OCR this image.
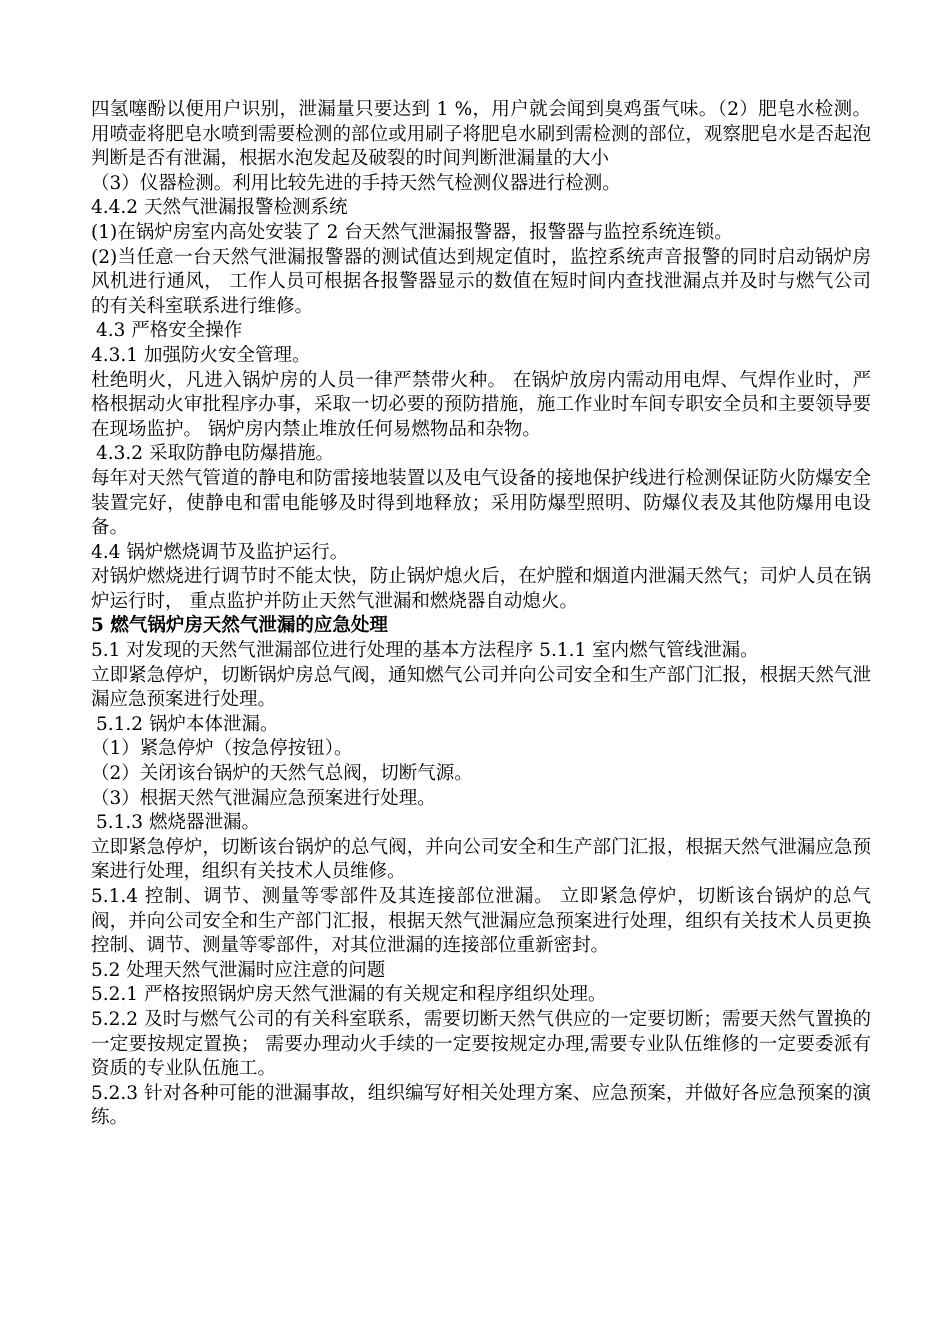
四氢噻酚以便用户识别，泄漏量只要达到 1 %，用户就会闻到臭鸡蛋气味。（2）肥皂水检测。用喷壶将肥皂水喷到需要检测的部位或用刷子将肥皂水刷到需检测的部位，观察肥皂水是否起泡判断是否有泄漏，根据水泡发起及破裂的时间判断泄漏量的大小

（3）仪器检测。利用比较先进的手持天然气检测仪器进行检测。

4.4.2 天然气泄漏报警检测系统

(1)在锅炉房室内高处安装了 2 台天然气泄漏报警器，报警器与监控系统连锁。

(2)当任意一台天然气泄漏报警器的测试值达到规定值时，监控系统声音报警的同时启动锅炉房风机进行通风， 工作人员可根据各报警器显示的数值在短时间内查找泄漏点并及时与燃气公司的有关科室联系进行维修。

4.3 严格安全操作

4.3.1 加强防火安全管理。

杜绝明火，凡进入锅炉房的人员一律严禁带火种。 在锅炉放房内需动用电焊、气焊作业时，严格根据动火审批程序办事，采取一切必要的预防措施，施工作业时车间专职安全员和主要领导要在现场监护。 锅炉房内禁止堆放任何易燃物品和杂物。

4.3.2 采取防静电防爆措施。

每年对天然气管道的静电和防雷接地装置以及电气设备的接地保护线进行检测保证防火防爆安全装置完好，使静电和雷电能够及时得到地释放；采用防爆型照明、防爆仪表及其他防爆用电设备。

4.4 锅炉燃烧调节及监护运行。

对锅炉燃烧进行调节时不能太快，防止锅炉熄火后，在炉膛和烟道内泄漏天然气；司炉人员在锅炉运行时， 重点监护并防止天然气泄漏和燃烧器自动熄火。

5 燃气锅炉房天然气泄漏的应急处理

5.1 对发现的天然气泄漏部位进行处理的基本方法程序 5.1.1 室内燃气管线泄漏。

立即紧急停炉，切断锅炉房总气阀，通知燃气公司并向公司安全和生产部门汇报，根据天然气泄漏应急预案进行处理。

5.1.2 锅炉本体泄漏。

（1）紧急停炉（按急停按钮）。

（2）关闭该台锅炉的天然气总阀，切断气源。

（3）根据天然气泄漏应急预案进行处理。

5.1.3 燃烧器泄漏。

立即紧急停炉，切断该台锅炉的总气阀，并向公司安全和生产部门汇报，根据天然气泄漏应急预案进行处理，组织有关技术人员维修。

5.1.4 控制、调节、测量等零部件及其连接部位泄漏。 立即紧急停炉，切断该台锅炉的总气阀，并向公司安全和生产部门汇报，根据天然气泄漏应急预案进行处理，组织有关技术人员更换控制、调节、测量等零部件，对其位泄漏的连接部位重新密封。

5.2 处理天然气泄漏时应注意的问题

5.2.1 严格按照锅炉房天然气泄漏的有关规定和程序组织处理。

5.2.2 及时与燃气公司的有关科室联系，需要切断天然气供应的一定要切断；需要天然气置换的一定要按规定置换； 需要办理动火手续的一定要按规定办理,需要专业队伍维修的一定要委派有资质的专业队伍施工。

5.2.3 针对各种可能的泄漏事故，组织编写好相关处理方案、应急预案，并做好各应急预案的演练。
